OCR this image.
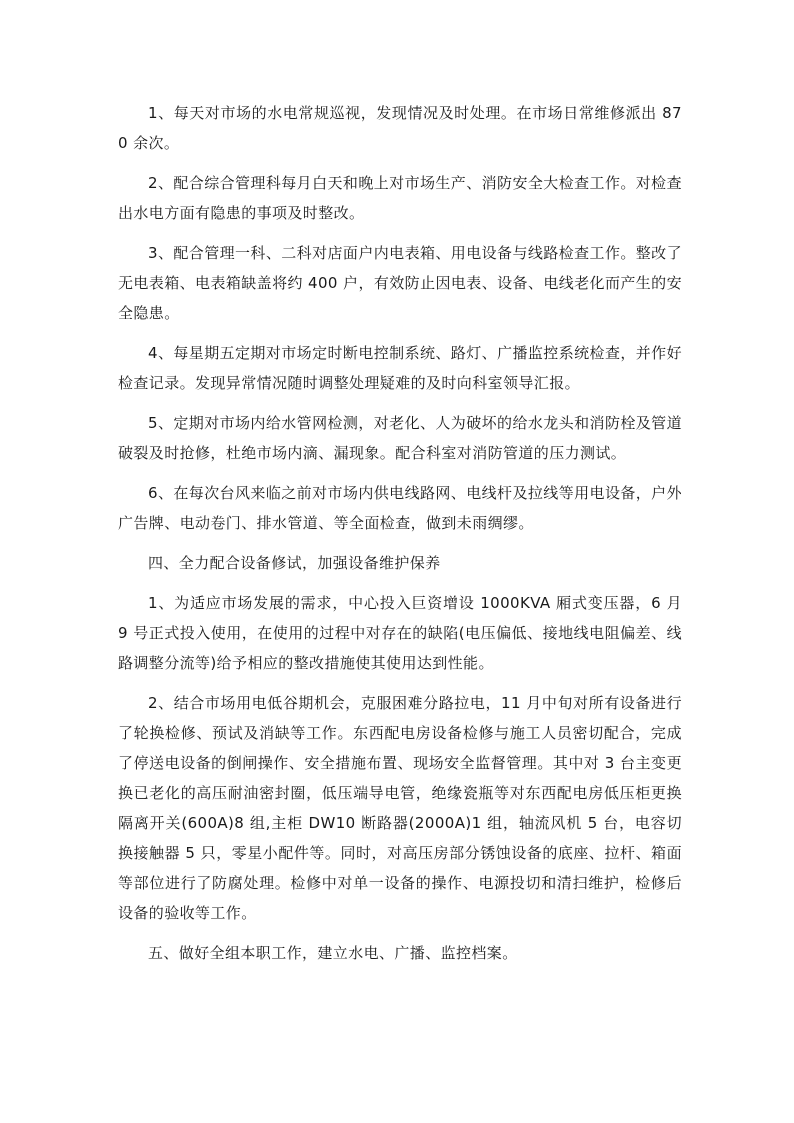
1、每天对市场的水电常规巡视，发现情况及时处理。在市场日常维修派出 870 余次。

2、配合综合管理科每月白天和晚上对市场生产、消防安全大检查工作。对检查出水电方面有隐患的事项及时整改。

3、配合管理一科、二科对店面户内电表箱、用电设备与线路检查工作。整改了无电表箱、电表箱缺盖将约 400 户，有效防止因电表、设备、电线老化而产生的安全隐患。

4、每星期五定期对市场定时断电控制系统、路灯、广播监控系统检查，并作好检查记录。发现异常情况随时调整处理疑难的及时向科室领导汇报。

5、定期对市场内给水管网检测，对老化、人为破坏的给水龙头和消防栓及管道破裂及时抢修，杜绝市场内滴、漏现象。配合科室对消防管道的压力测试。

6、在每次台风来临之前对市场内供电线路网、电线杆及拉线等用电设备，户外广告牌、电动卷门、排水管道、等全面检查，做到未雨绸缪。

四、全力配合设备修试，加强设备维护保养

1、为适应市场发展的需求，中心投入巨资增设 1000KVA 厢式变压器，6 月 9 号正式投入使用，在使用的过程中对存在的缺陷(电压偏低、接地线电阻偏差、线路调整分流等)给予相应的整改措施使其使用达到性能。

2、结合市场用电低谷期机会，克服困难分路拉电，11 月中旬对所有设备进行了轮换检修、预试及消缺等工作。东西配电房设备检修与施工人员密切配合，完成了停送电设备的倒闸操作、安全措施布置、现场安全监督管理。其中对 3 台主变更换已老化的高压耐油密封圈，低压端导电管，绝缘瓷瓶等对东西配电房低压柜更换隔离开关(600A)8 组,主柜 DW10 断路器(2000A)1 组，轴流风机 5 台，电容切换接触器 5 只，零星小配件等。同时，对高压房部分锈蚀设备的底座、拉杆、箱面等部位进行了防腐处理。检修中对单一设备的操作、电源投切和清扫维护，检修后设备的验收等工作。

五、做好全组本职工作，建立水电、广播、监控档案。
